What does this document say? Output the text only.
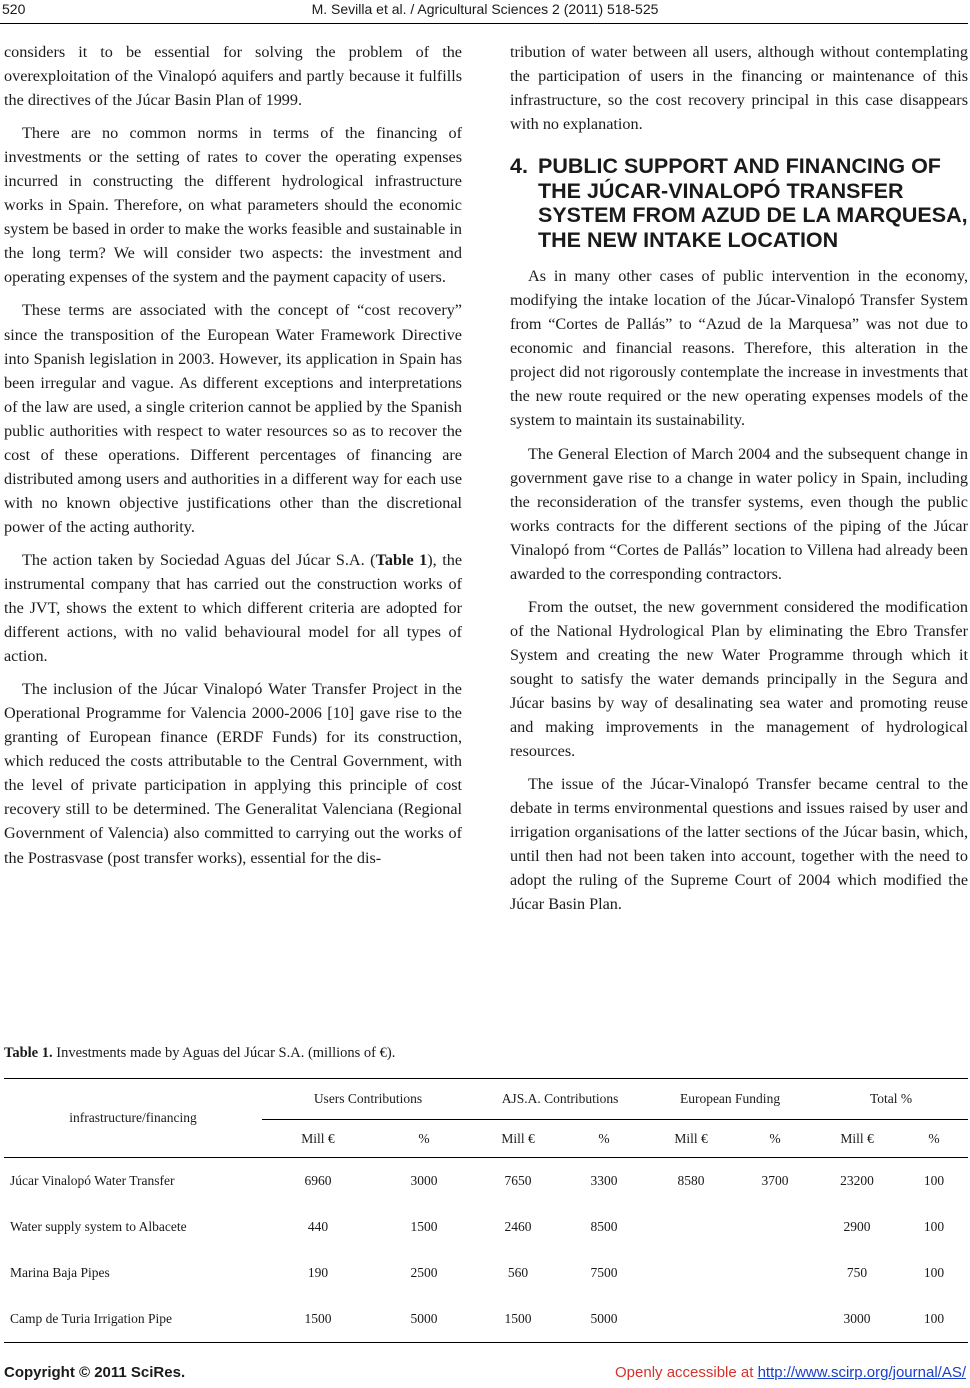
520	M. Sevilla et al. / Agricultural Sciences 2 (2011) 518-525

considers it to be essential for solving the problem of the overexploitation of the Vinalopó aquifers and partly because it fulfills the directives of the Júcar Basin Plan of 1999.

There are no common norms in terms of the financing of investments or the setting of rates to cover the operating expenses incurred in constructing the different hydrological infrastructure works in Spain. Therefore, on what parameters should the economic system be based in order to make the works feasible and sustainable in the long term? We will consider two aspects: the investment and operating expenses of the system and the payment capacity of users.

These terms are associated with the concept of “cost recovery” since the transposition of the European Water Framework Directive into Spanish legislation in 2003. However, its application in Spain has been irregular and vague. As different exceptions and interpretations of the law are used, a single criterion cannot be applied by the Spanish public authorities with respect to water resources so as to recover the cost of these operations. Different percentages of financing are distributed among users and authorities in a different way for each use with no known objective justifications other than the discretional power of the acting authority.

The action taken by Sociedad Aguas del Júcar S.A. (Table 1), the instrumental company that has carried out the construction works of the JVT, shows the extent to which different criteria are adopted for different actions, with no valid behavioural model for all types of action.

The inclusion of the Júcar Vinalopó Water Transfer Project in the Operational Programme for Valencia 2000-2006 [10] gave rise to the granting of European finance (ERDF Funds) for its construction, which reduced the costs attributable to the Central Government, with the level of private participation in applying this principle of cost recovery still to be determined. The Generalitat Valenciana (Regional Government of Valencia) also committed to carrying out the works of the Postrasvase (post transfer works), essential for the dis-

tribution of water between all users, although without contemplating the participation of users in the financing or maintenance of this infrastructure, so the cost recovery principal in this case disappears with no explanation.

4. PUBLIC SUPPORT AND FINANCING OF THE JÚCAR-VINALOPÓ TRANSFER SYSTEM FROM AZUD DE LA MARQUESA, THE NEW INTAKE LOCATION

As in many other cases of public intervention in the economy, modifying the intake location of the Júcar-Vinalopó Transfer System from “Cortes de Pallás” to “Azud de la Marquesa” was not due to economic and financial reasons. Therefore, this alteration in the project did not rigorously contemplate the increase in investments that the new route required or the new operating expenses models of the system to maintain its sustainability.

The General Election of March 2004 and the subsequent change in government gave rise to a change in water policy in Spain, including the reconsideration of the transfer systems, even though the public works contracts for the different sections of the piping of the Júcar Vinalopó from “Cortes de Pallás” location to Villena had already been awarded to the corresponding contractors.

From the outset, the new government considered the modification of the National Hydrological Plan by eliminating the Ebro Transfer System and creating the new Water Programme through which it sought to satisfy the water demands principally in the Segura and Júcar basins by way of desalinating sea water and promoting reuse and making improvements in the management of hydrological resources.

The issue of the Júcar-Vinalopó Transfer became central to the debate in terms environmental questions and issues raised by user and irrigation organisations of the latter sections of the Júcar basin, which, until then had not been taken into account, together with the need to adopt the ruling of the Supreme Court of 2004 which modified the Júcar Basin Plan.

Table 1. Investments made by Aguas del Júcar S.A. (millions of €).
infrastructure/financing	Users Contributions		AJS.A. Contributions		European Funding		Total %	
	Mill €	%	Mill €	%	Mill €	%	Mill €	%
Júcar Vinalopó Water Transfer	6960	3000	7650	3300	8580	3700	23200	100
Water supply system to Albacete	440	1500	2460	8500			2900	100
Marina Baja Pipes	190	2500	560	7500			750	100
Camp de Turia Irrigation Pipe	1500	5000	1500	5000			3000	100
Copyright © 2011 SciRes.	Openly accessible at http://www.scirp.org/journal/AS/
